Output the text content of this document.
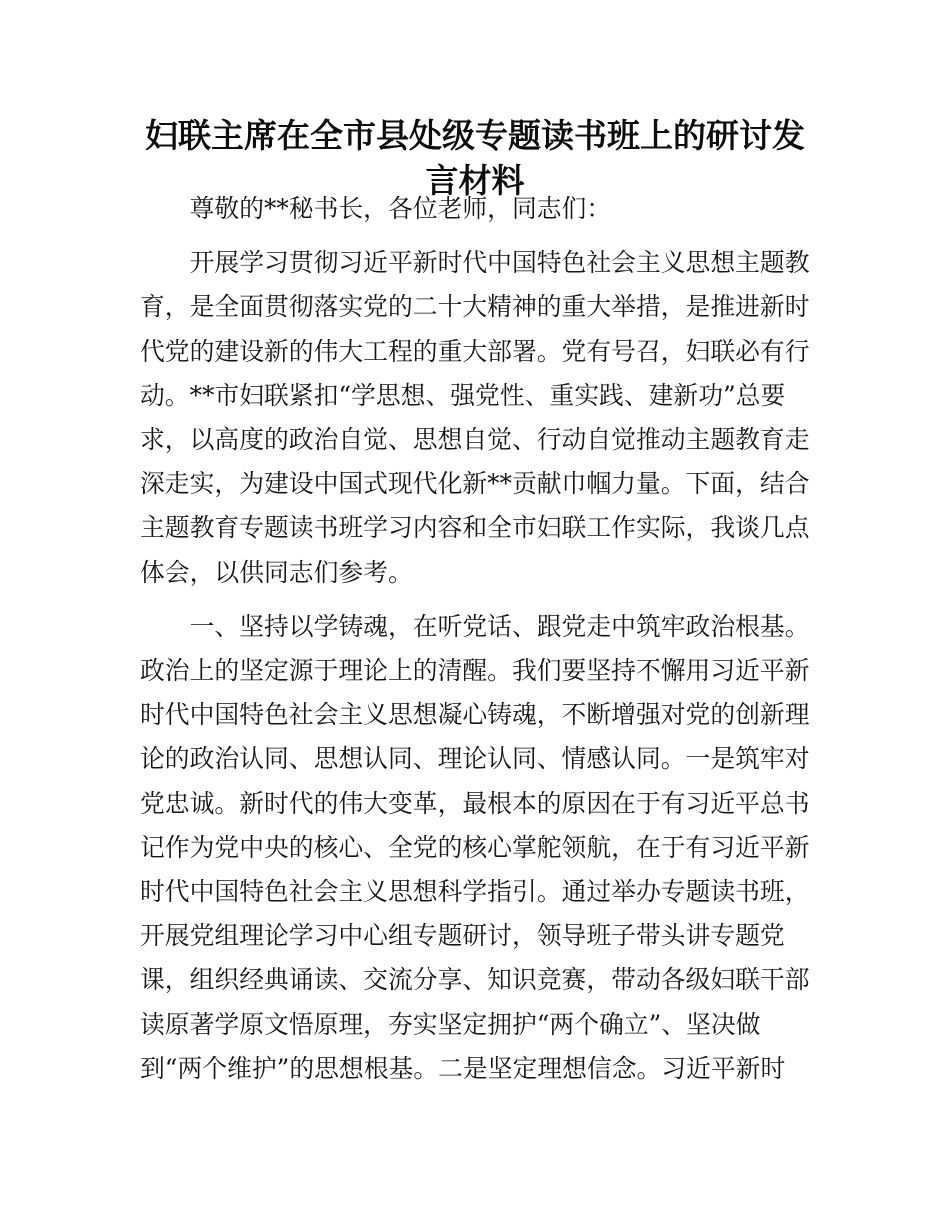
妇联主席在全市县处级专题读书班上的研讨发
言材料

尊敬的**秘书长，各位老师，同志们：

开展学习贯彻习近平新时代中国特色社会主义思想主题教
育，是全面贯彻落实党的二十大精神的重大举措，是推进新时
代党的建设新的伟大工程的重大部署。党有号召，妇联必有行
动。**市妇联紧扣“学思想、强党性、重实践、建新功”总要
求，以高度的政治自觉、思想自觉、行动自觉推动主题教育走
深走实，为建设中国式现代化新**贡献巾帼力量。下面，结合
主题教育专题读书班学习内容和全市妇联工作实际，我谈几点
体会，以供同志们参考。

一、坚持以学铸魂，在听党话、跟党走中筑牢政治根基。
政治上的坚定源于理论上的清醒。我们要坚持不懈用习近平新
时代中国特色社会主义思想凝心铸魂，不断增强对党的创新理
论的政治认同、思想认同、理论认同、情感认同。一是筑牢对
党忠诚。新时代的伟大变革，最根本的原因在于有习近平总书
记作为党中央的核心、全党的核心掌舵领航，在于有习近平新
时代中国特色社会主义思想科学指引。通过举办专题读书班，
开展党组理论学习中心组专题研讨，领导班子带头讲专题党
课，组织经典诵读、交流分享、知识竞赛，带动各级妇联干部
读原著学原文悟原理，夯实坚定拥护“两个确立”、坚决做
到“两个维护”的思想根基。二是坚定理想信念。习近平新时
